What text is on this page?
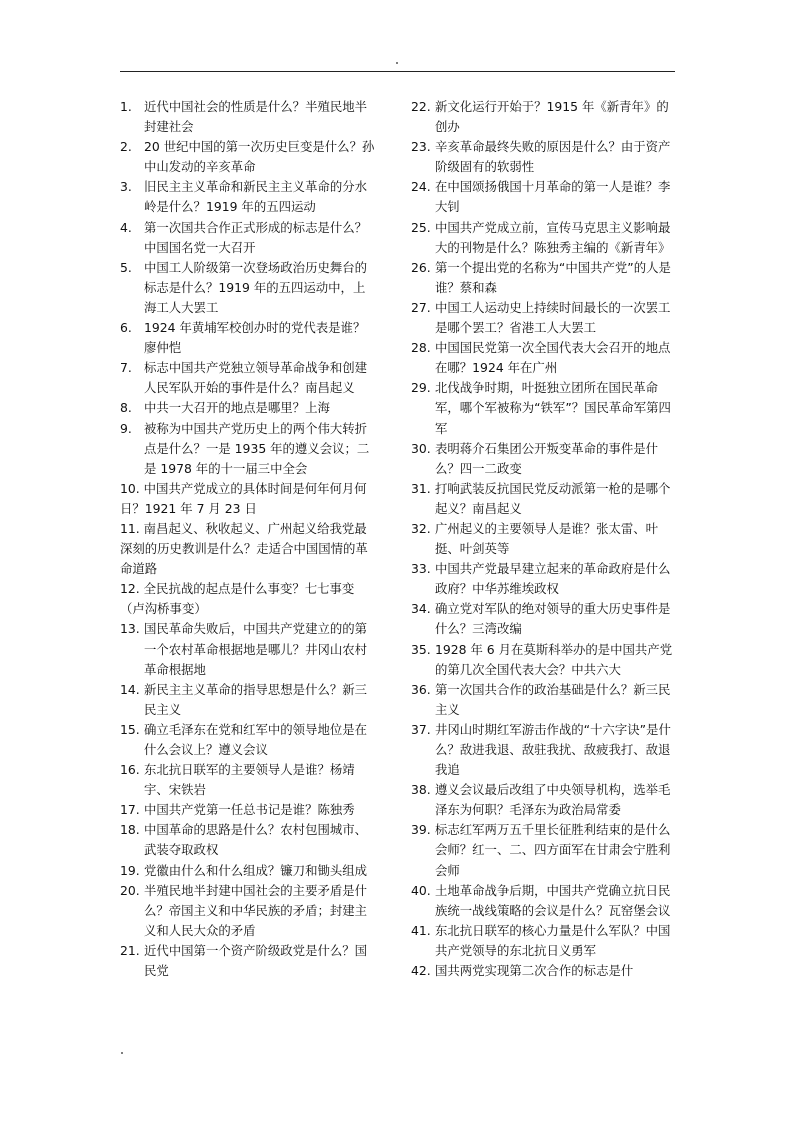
1. 近代中国社会的性质是什么？半殖民地半封建社会
2. 20 世纪中国的第一次历史巨变是什么？孙中山发动的辛亥革命
3. 旧民主主义革命和新民主主义革命的分水岭是什么？1919 年的五四运动
4. 第一次国共合作正式形成的标志是什么？中国国名党一大召开
5. 中国工人阶级第一次登场政治历史舞台的标志是什么？1919 年的五四运动中，上海工人大罢工
6. 1924 年黄埔军校创办时的党代表是谁？廖仲恺
7. 标志中国共产党独立领导革命战争和创建人民军队开始的事件是什么？南昌起义
8. 中共一大召开的地点是哪里？上海
9. 被称为中国共产党历史上的两个伟大转折点是什么？一是 1935 年的遵义会议；二是 1978 年的十一届三中全会
10. 中国共产党成立的具体时间是何年何月何日？1921 年 7 月 23 日
11. 南昌起义、秋收起义、广州起义给我党最深刻的历史教训是什么？走适合中国国情的革命道路
12. 全民抗战的起点是什么事变？七七事变（卢沟桥事变）
13. 国民革命失败后，中国共产党建立的的第一个农村革命根据地是哪儿？井冈山农村革命根据地
14. 新民主主义革命的指导思想是什么？新三民主义
15. 确立毛泽东在党和红军中的领导地位是在什么会议上？遵义会议
16. 东北抗日联军的主要领导人是谁？杨靖宇、宋铁岩
17. 中国共产党第一任总书记是谁？陈独秀
18. 中国革命的思路是什么？农村包围城市、武装夺取政权
19. 党徽由什么和什么组成？镰刀和锄头组成
20. 半殖民地半封建中国社会的主要矛盾是什么？帝国主义和中华民族的矛盾；封建主义和人民大众的矛盾
21. 近代中国第一个资产阶级政党是什么？国民党
22. 新文化运行开始于？1915 年《新青年》的创办
23. 辛亥革命最终失败的原因是什么？由于资产阶级固有的软弱性
24. 在中国颂扬俄国十月革命的第一人是谁？李大钊
25. 中国共产党成立前，宣传马克思主义影响最大的刊物是什么？陈独秀主编的《新青年》
26. 第一个提出党的名称为“中国共产党”的人是谁？蔡和森
27. 中国工人运动史上持续时间最长的一次罢工是哪个罢工？省港工人大罢工
28. 中国国民党第一次全国代表大会召开的地点在哪？1924 年在广州
29. 北伐战争时期，叶挺独立团所在国民革命军，哪个军被称为“铁军”？国民革命军第四军
30. 表明蒋介石集团公开叛变革命的事件是什么？四一二政变
31. 打响武装反抗国民党反动派第一枪的是哪个起义？南昌起义
32. 广州起义的主要领导人是谁？张太雷、叶挺、叶剑英等
33. 中国共产党最早建立起来的革命政府是什么政府？中华苏维埃政权
34. 确立党对军队的绝对领导的重大历史事件是什么？三湾改编
35. 1928 年 6 月在莫斯科举办的是中国共产党的第几次全国代表大会？中共六大
36. 第一次国共合作的政治基础是什么？新三民主义
37. 井冈山时期红军游击作战的“十六字诀”是什么？敌进我退、敌驻我扰、敌疲我打、敌退我追
38. 遵义会议最后改组了中央领导机构，选举毛泽东为何职？毛泽东为政治局常委
39. 标志红军两万五千里长征胜利结束的是什么会师？红一、二、四方面军在甘肃会宁胜利会师
40. 土地革命战争后期，中国共产党确立抗日民族统一战线策略的会议是什么？瓦窑堡会议
41. 东北抗日联军的核心力量是什么军队？中国共产党领导的东北抗日义勇军
42. 国共两党实现第二次合作的标志是什
